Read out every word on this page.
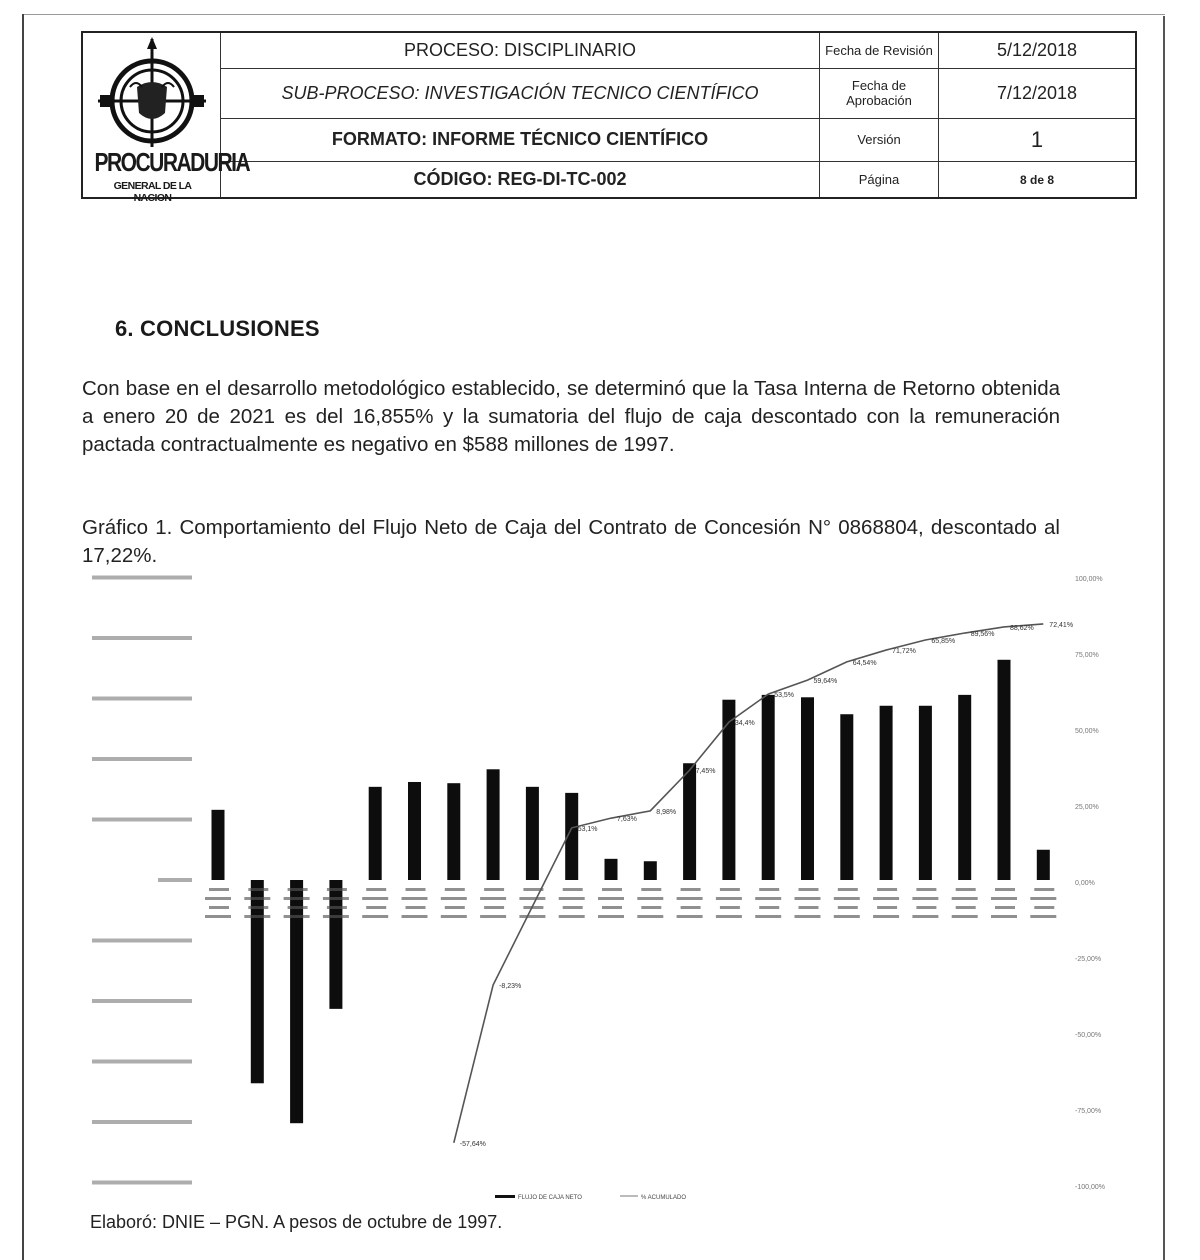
PROCURADURIA
GENERAL DE LA NACION	PROCESO: DISCIPLINARIO	Fecha de Revisión	5/12/2018
	SUB-PROCESO: INVESTIGACIÓN TECNICO CIENTÍFICO	Fecha de Aprobación	7/12/2018
	FORMATO: INFORME TÉCNICO CIENTÍFICO	Versión	1
	CÓDIGO: REG-DI-TC-002	Página	8 de 8
6. CONCLUSIONES
Con base en el desarrollo metodológico establecido, se determinó que la Tasa Interna de Retorno obtenida a enero 20 de 2021 es del 16,855% y la sumatoria del flujo de caja descontado con la remuneración pactada contractualmente es negativo en $588 millones de 1997.
Gráfico 1. Comportamiento del Flujo Neto de Caja del Contrato de Concesión N° 0868804, descontado al 17,22%.
100,00%
75,00%
50,00%
25,00%
0,00%
-25,00%
-50,00%
-75,00%
-100,00%
-57,64%
-8,23%
53,1%
7,63%
8,98%
7,45%
34,4%
53,5%
59,64%
64,54%
71,72%
65,85%
89,56%
88,62% 72,41%
FLUJO DE CAJA NETO	% ACUMULADO
Elaboró: DNIE – PGN. A pesos de octubre de 1997.
